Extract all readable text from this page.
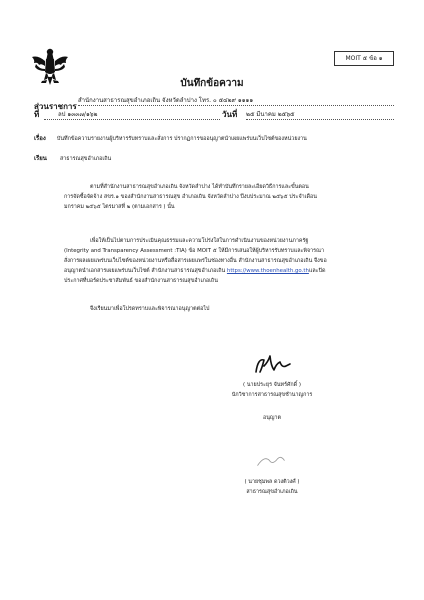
MOIT ๕ ข้อ ๑
บันทึกข้อความ
ส่วนราชการ
สำนักงานสาธารณสุขอำเภอเถิน จังหวัดลำปาง โทร. ๐ ๕๔๒๙ ๑๑๑๑
ที่	ลป ๑๓๓๗/๑๖๒	วันที่ ๒๕ มีนาคม ๒๕๖๕
เรื่อง บันทึกข้อความรายงานผู้บริหารรับทราบและสั่งการ ปรากฏการขออนุญาตนำเผยแพร่บนเว็บไซต์ของหน่วยงาน
เรียน สาธารณสุขอำเภอเถิน
ตามที่สำนักงานสาธารณสุขอำเภอเถิน จังหวัดลำปาง ได้ทำบันทึกรายละเอียดวิธีการและขั้นตอน
การจัดซื้อจัดจ้าง สขร.๑ ของสำนักงานสาธารณสุข อำเภอเถิน จังหวัดลำปาง ปีงบประมาณ ๒๕๖๕ ประจำเดือน
มกราคม ๒๕๖๕ ไตรมาสที่ ๒ (ตามเอกสาร ) นั้น
เพื่อให้เป็นไปตามการประเมินคุณธรรมและความโปร่งใสในการดำเนินงานของหน่วยงานภาครัฐ
(Integrity and Transparency Assessment :TIA) ข้อ MOIT ๕ ให้มีการเสนอให้ผู้บริหารรับทราบและพิจารณา
สั่งการผลเผยแพร่บนเว็บไซต์ของหน่วยงานหรือสื่อสารเผยแพร่ในช่องทางอื่น สำนักงานสาธารณสุขอำเภอเถิน จึงขอ
อนุญาตนำเอกสารเผยแพร่บนเว็บไซต์ สำนักงานสาธารณสุขอำเภอเถิน https://www.thoenhealth.go.thและปิด
ประกาศที่บอร์ดประชาสัมพันธ์ ของสำนักงานสาธารณสุขอำเภอเถิน
จึงเรียนมาเพื่อโปรดทราบและพิจารณาอนุญาตต่อไป
( นายประยุร จันทร์ศักดิ์ )
นักวิชาการสาธารณสุขชำนาญการ
อนุญาต
( นายชุมพล ดวงติวงศ์ )
สาธารณสุขอำเภอเถิน
